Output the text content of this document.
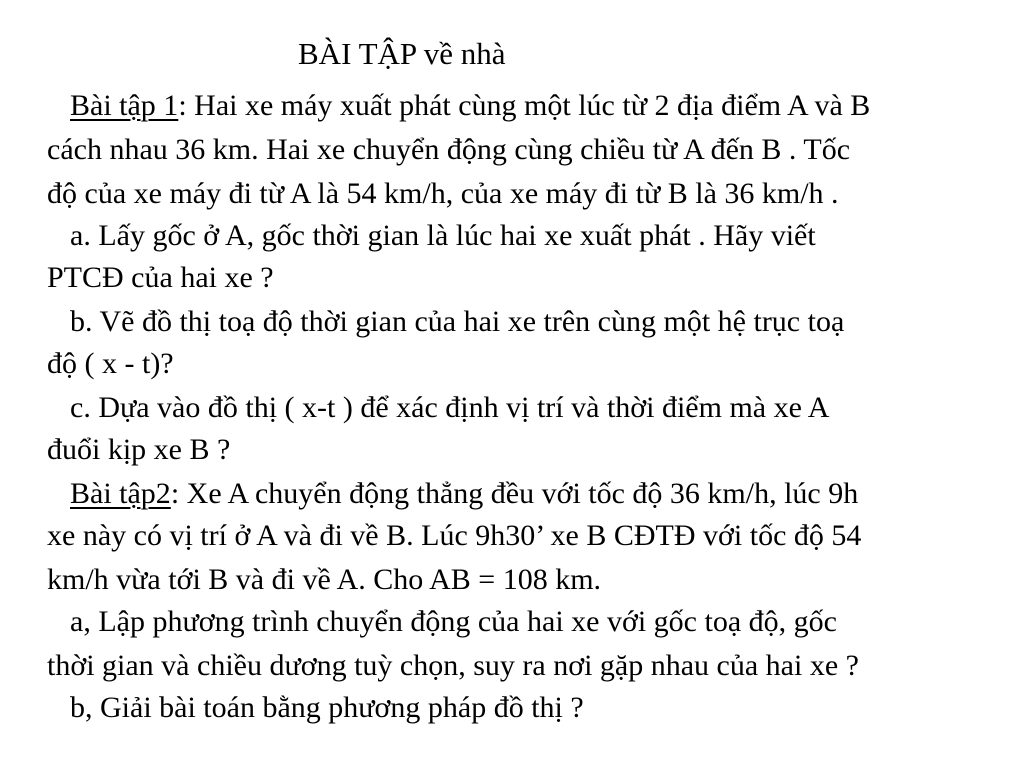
BÀI TẬP về nhà
Bài tập 1: Hai xe máy xuất phát cùng một lúc từ 2 địa điểm A và B
cách nhau 36 km. Hai xe chuyển động cùng chiều từ A đến B . Tốc
độ của xe máy đi từ A là 54 km/h, của xe máy đi từ B là 36 km/h .
a. Lấy gốc ở A, gốc thời gian là lúc hai xe xuất phát . Hãy viết
PTCĐ của hai xe ?
b. Vẽ đồ thị toạ độ thời gian của hai xe trên cùng một hệ trục toạ
độ ( x - t)?
c. Dựa vào đồ thị ( x-t ) để xác định vị trí và thời điểm mà xe A
đuổi kịp xe B ?
Bài tập2: Xe A chuyển động thẳng đều với tốc độ 36 km/h, lúc 9h
xe này có vị trí ở A và đi về B. Lúc 9h30’ xe B CĐTĐ với tốc độ 54
km/h vừa tới B và đi về A. Cho AB = 108 km.
a, Lập phương trình chuyển động của hai xe với gốc toạ độ, gốc
thời gian và chiều dương tuỳ chọn, suy ra nơi gặp nhau của hai xe ?
b, Giải bài toán bằng phương pháp đồ thị ?
